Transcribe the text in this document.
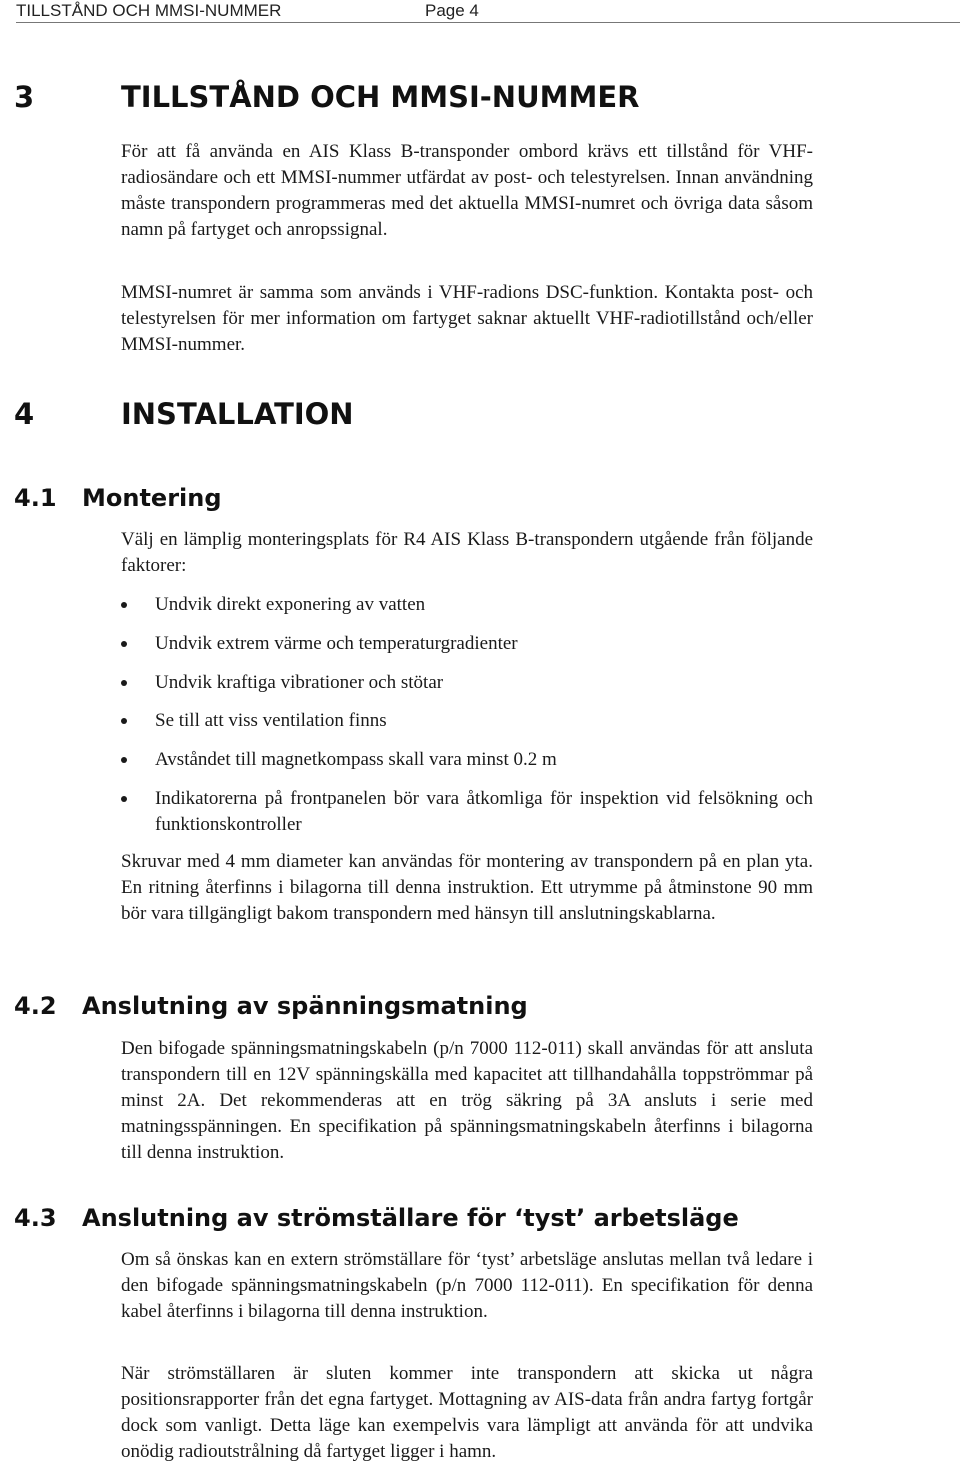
TILLSTÅND OCH MMSI-NUMMER	Page 4
3	TILLSTÅND OCH MMSI-NUMMER

För att få använda en AIS Klass B-transponder ombord krävs ett tillstånd för VHF-radiosändare och ett MMSI-nummer utfärdat av post- och telestyrelsen. Innan användning måste transpondern programmeras med det aktuella MMSI-numret och övriga data såsom namn på fartyget och anropssignal.

MMSI-numret är samma som används i VHF-radions DSC-funktion. Kontakta post- och telestyrelsen för mer information om fartyget saknar aktuellt VHF-radiotillstånd och/eller MMSI-nummer.

4	INSTALLATION
4.1 Montering

Välj en lämplig monteringsplats för R4 AIS Klass B-transpondern utgående från följande faktorer:

Undvik direkt exponering av vatten
Undvik extrem värme och temperaturgradienter
Undvik kraftiga vibrationer och stötar
Se till att viss ventilation finns
Avståndet till magnetkompass skall vara minst 0.2 m
Indikatorerna på frontpanelen bör vara åtkomliga för inspektion vid felsökning och funktionskontroller

Skruvar med 4 mm diameter kan användas för montering av transpondern på en plan yta. En ritning återfinns i bilagorna till denna instruktion. Ett utrymme på åtminstone 90 mm bör vara tillgängligt bakom transpondern med hänsyn till anslutningskablarna.

4.2 Anslutning av spänningsmatning

Den bifogade spänningsmatningskabeln (p/n 7000 112-011) skall användas för att ansluta transpondern till en 12V spänningskälla med kapacitet att tillhandahålla toppströmmar på minst 2A. Det rekommenderas att en trög säkring på 3A ansluts i serie med matningsspänningen. En specifikation på spänningsmatningskabeln återfinns i bilagorna till denna instruktion.

4.3 Anslutning av strömställare för ‘tyst’ arbetsläge

Om så önskas kan en extern strömställare för ‘tyst’ arbetsläge anslutas mellan två ledare i den bifogade spänningsmatningskabeln (p/n 7000 112-011). En specifikation för denna kabel återfinns i bilagorna till denna instruktion.

När strömställaren är sluten kommer inte transpondern att skicka ut några positionsrapporter från det egna fartyget. Mottagning av AIS-data från andra fartyg fortgår dock som vanligt. Detta läge kan exempelvis vara lämpligt att använda för att undvika onödig radioutstrålning då fartyget ligger i hamn.
